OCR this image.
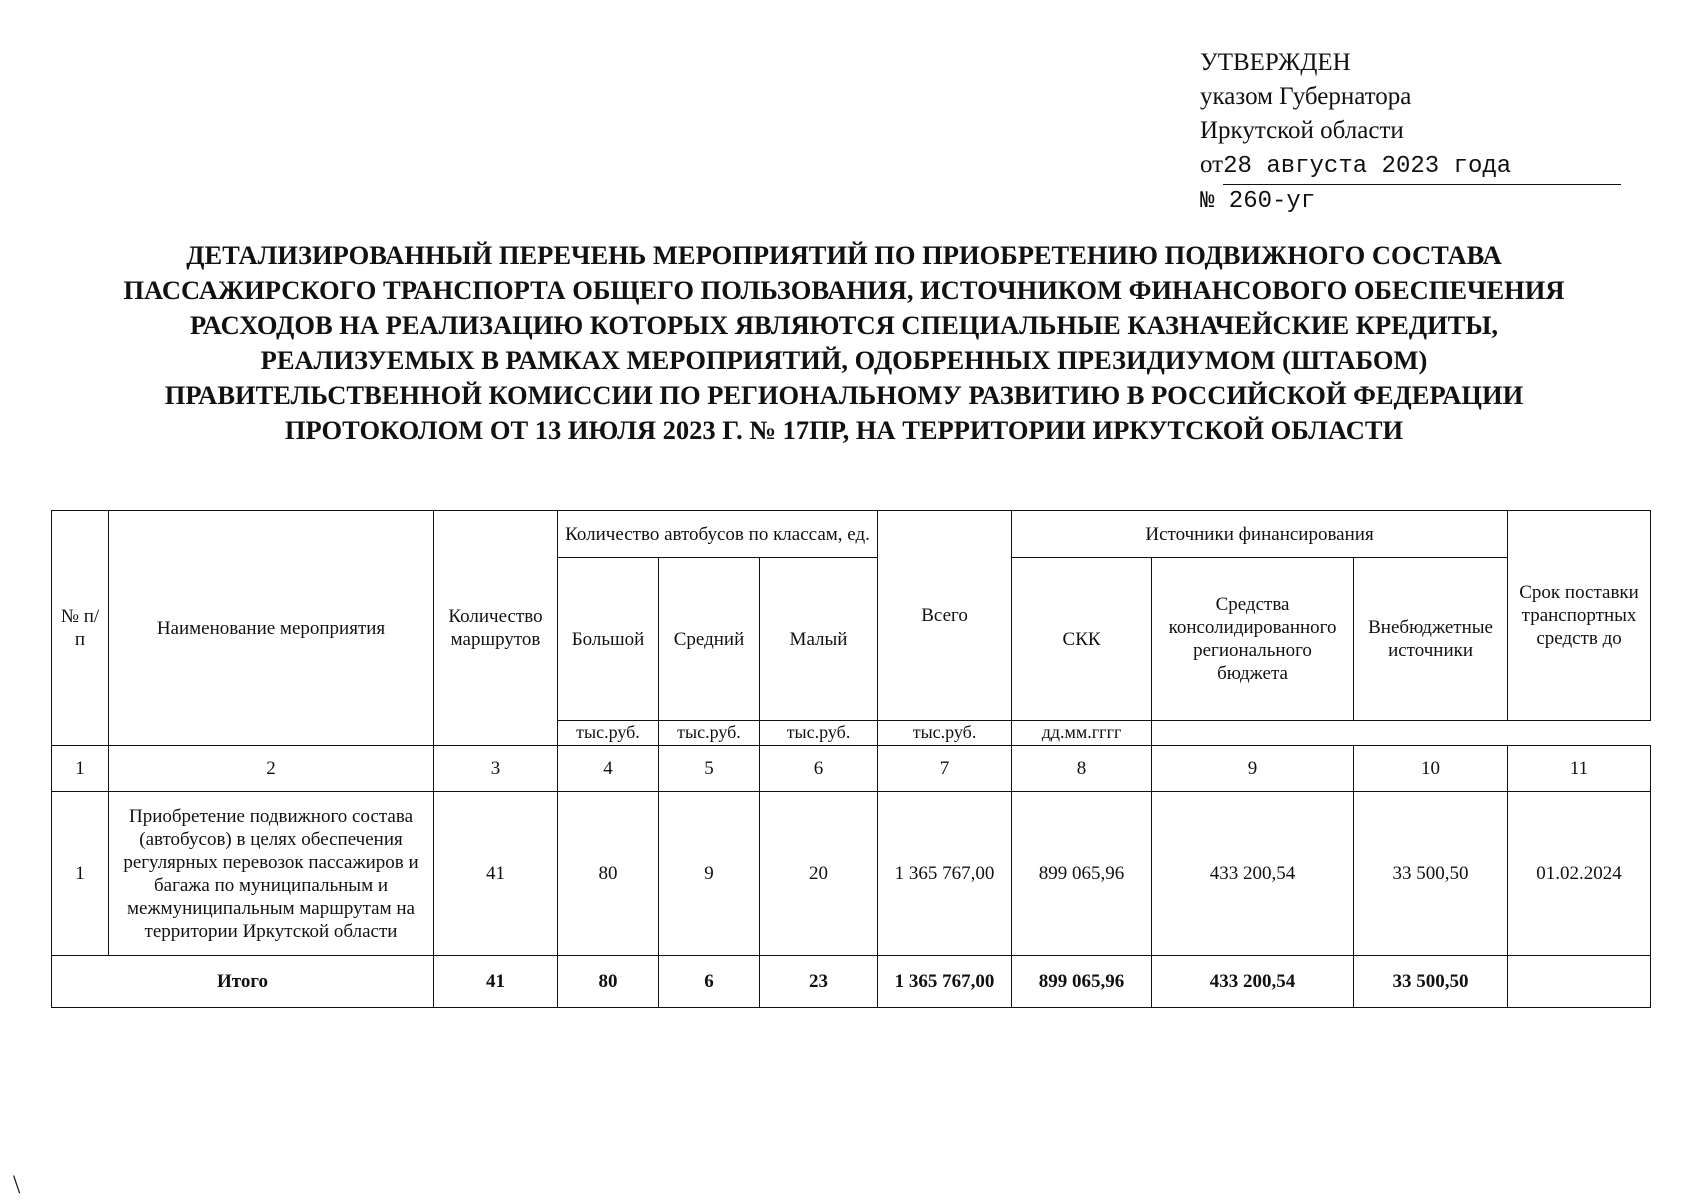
УТВЕРЖДЕН
указом Губернатора
Иркутской области
от28 августа 2023 года
№ 260-уг
ДЕТАЛИЗИРОВАННЫЙ ПЕРЕЧЕНЬ МЕРОПРИЯТИЙ ПО ПРИОБРЕТЕНИЮ ПОДВИЖНОГО СОСТАВА
ПАССАЖИРСКОГО ТРАНСПОРТА ОБЩЕГО ПОЛЬЗОВАНИЯ, ИСТОЧНИКОМ ФИНАНСОВОГО ОБЕСПЕЧЕНИЯ
РАСХОДОВ НА РЕАЛИЗАЦИЮ КОТОРЫХ ЯВЛЯЮТСЯ СПЕЦИАЛЬНЫЕ КАЗНАЧЕЙСКИЕ КРЕДИТЫ,
РЕАЛИЗУЕМЫХ В РАМКАХ МЕРОПРИЯТИЙ, ОДОБРЕННЫХ ПРЕЗИДИУМОМ (ШТАБОМ)
ПРАВИТЕЛЬСТВЕННОЙ КОМИССИИ ПО РЕГИОНАЛЬНОМУ РАЗВИТИЮ В РОССИЙСКОЙ ФЕДЕРАЦИИ
ПРОТОКОЛОМ ОТ 13 ИЮЛЯ 2023 Г. № 17ПР, НА ТЕРРИТОРИИ ИРКУТСКОЙ ОБЛАСТИ
№ п/п	Наименование мероприятия	Количество маршрутов	Количество автобусов по классам, ед.			Всего	Источники финансирования			Срок поставки транспортных средств до
			Большой	Средний	Малый		СКК	Средства консолидированного регионального бюджета	Внебюджетные источники	
			тыс.руб.	тыс.руб.	тыс.руб.	тыс.руб.	дд.мм.гггг			
1	2	3	4	5	6	7	8	9	10	11
1	Приобретение подвижного состава (автобусов) в целях обеспечения регулярных перевозок пассажиров и багажа по муниципальным и межмуниципальным маршрутам на территории Иркутской области	41	80	9	20	1 365 767,00	899 065,96	433 200,54	33 500,50	01.02.2024
Итого		41	80	6	23	1 365 767,00	899 065,96	433 200,54	33 500,50	
\
